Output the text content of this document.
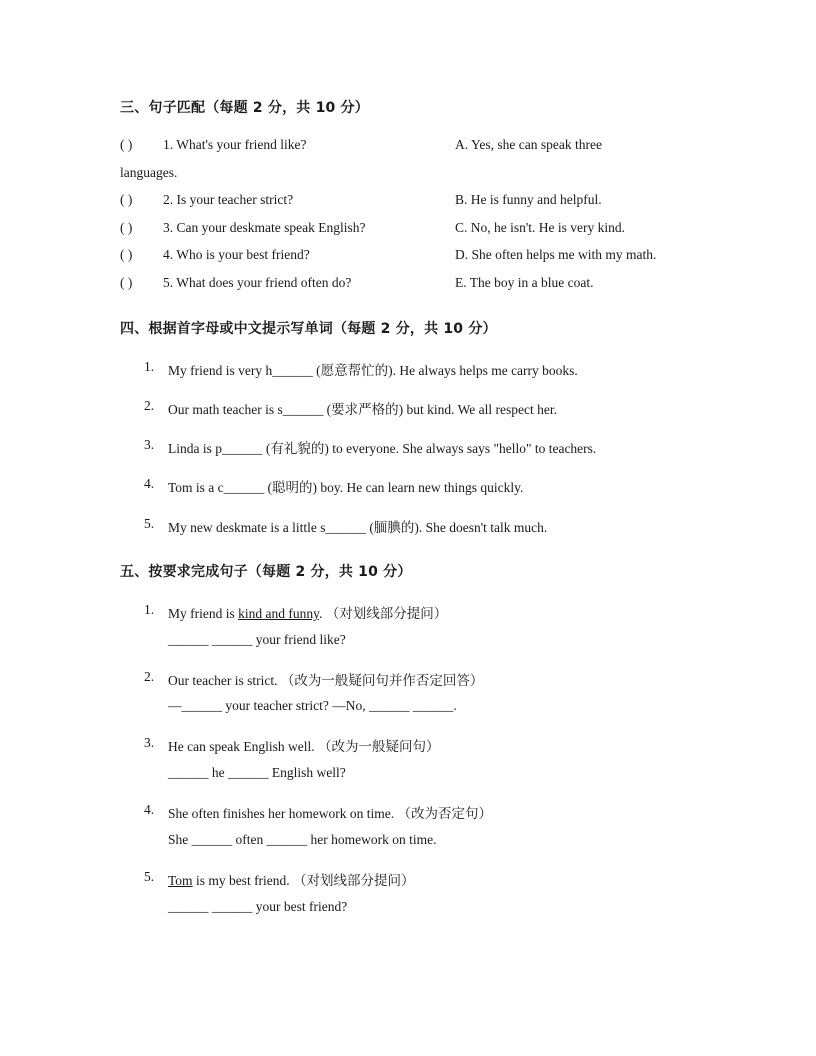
三、句子匹配（每题 2 分，共 10 分）
( ) 1. What's your friend like?	A. Yes, she can speak three
languages.
( ) 2. Is your teacher strict?	B. He is funny and helpful.
( ) 3. Can your deskmate speak English?	C. No, he isn't. He is very kind.
( ) 4. Who is your best friend?	D. She often helps me with my math.
( ) 5. What does your friend often do?	E. The boy in a blue coat.
四、根据首字母或中文提示写单词（每题 2 分，共 10 分）
1. My friend is very h______ (愿意帮忙的). He always helps me carry books.
2. Our math teacher is s______ (要求严格的) but kind. We all respect her.
3. Linda is p______ (有礼貌的) to everyone. She always says "hello" to teachers.
4. Tom is a c______ (聪明的) boy. He can learn new things quickly.
5. My new deskmate is a little s______ (腼腆的). She doesn't talk much.
五、按要求完成句子（每题 2 分，共 10 分）
1. My friend is kind and funny. （对划线部分提问）
______ ______ your friend like?
2. Our teacher is strict. （改为一般疑问句并作否定回答）
—______ your teacher strict? —No, ______ ______.
3. He can speak English well. （改为一般疑问句）
______ he ______ English well?
4. She often finishes her homework on time. （改为否定句）
She ______ often ______ her homework on time.
5. Tom is my best friend. （对划线部分提问）
______ ______ your best friend?
